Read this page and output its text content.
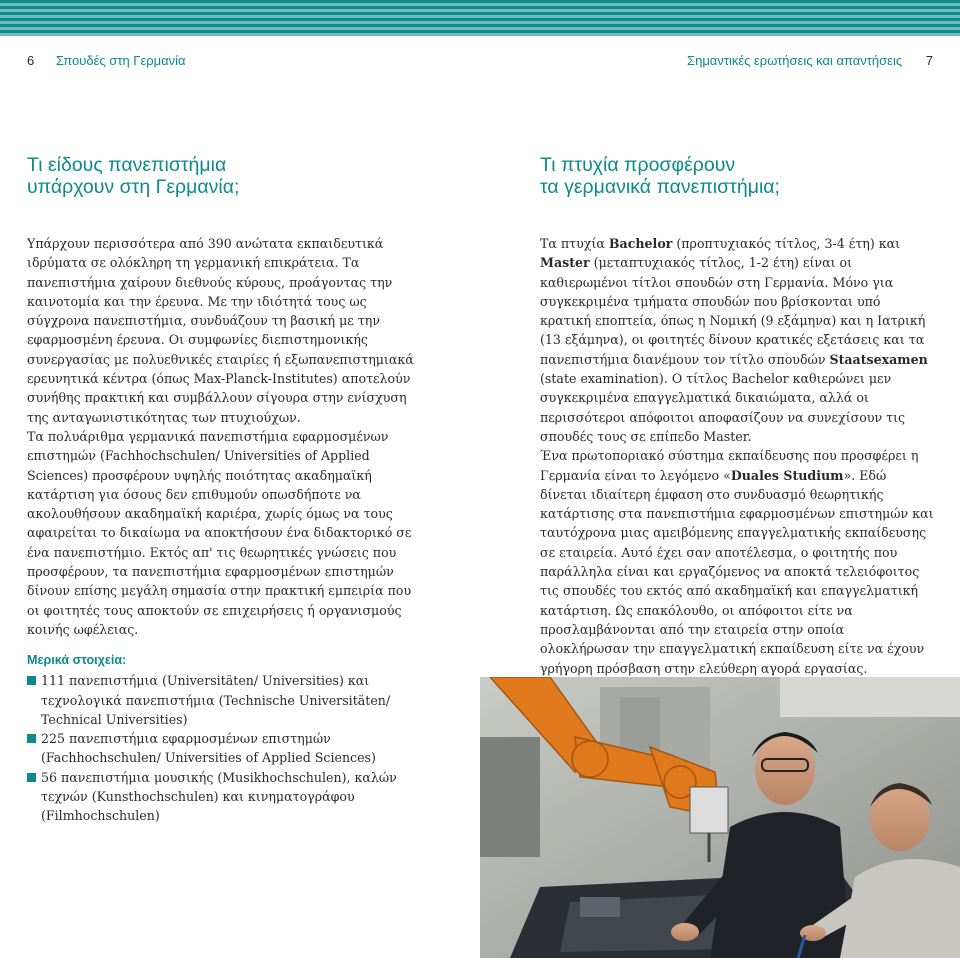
6 Σπουδές στη Γερμανία	Σημαντικές ερωτήσεις και απαντήσεις 7
Τι είδους πανεπιστήμια
υπάρχουν στη Γερμανία;
Τι πτυχία προσφέρουν
τα γερμανικά πανεπιστήμια;

Υπάρχουν περισσότερα από 390 ανώτατα εκπαιδευτικά ιδρύματα σε ολόκληρη τη γερμανική επικράτεια. Τα πανεπιστήμια χαίρουν διεθνούς κύρους, προάγοντας την καινοτομία και την έρευνα. Με την ιδιότητά τους ως σύγχρονα πανεπιστήμια, συνδυάζουν τη βασική με την εφαρμοσμένη έρευνα. Οι συμφωνίες διεπιστημονικής συνεργασίας με πολυεθνικές εταιρίες ή εξωπανεπιστημιακά ερευνητικά κέντρα (όπως Max-Planck-Institutes) αποτελούν συνήθης πρακτική και συμβάλλουν σίγουρα στην ενίσχυση της ανταγωνιστικότητας των πτυχιούχων.

Τα πολυάριθμα γερμανικά πανεπιστήμια εφαρμοσμένων επιστημών (Fachhochschulen/ Universities of Applied Sciences) προσφέρουν υψηλής ποιότητας ακαδημαϊκή κατάρτιση για όσους δεν επιθυμούν οπωσδήποτε να ακολουθήσουν ακαδημαϊκή καριέρα, χωρίς όμως να τους αφαιρείται το δικαίωμα να αποκτήσουν ένα διδακτορικό σε ένα πανεπιστήμιο. Εκτός απ' τις θεωρητικές γνώσεις που προσφέρουν, τα πανεπιστήμια εφαρμοσμένων επιστημών δίνουν επίσης μεγάλη σημασία στην πρακτική εμπειρία που οι φοιτητές τους αποκτούν σε επιχειρήσεις ή οργανισμούς κοινής ωφέλειας.

Μερικά στοιχεία:
111 πανεπιστήμια (Universitäten/ Universities) και τεχνολογικά πανεπιστήμια (Technische Universitäten/ Technical Universities)
225 πανεπιστήμια εφαρμοσμένων επιστημών (Fachhochschulen/ Universities of Applied Sciences)
56 πανεπιστήμια μουσικής (Musikhochschulen), καλών τεχνών (Kunsthochschulen) και κινηματογράφου (Filmhochschulen)

Τα πτυχία Bachelor (προπτυχιακός τίτλος, 3-4 έτη) και Master (μεταπτυχιακός τίτλος, 1-2 έτη) είναι οι καθιερωμένοι τίτλοι σπουδών στη Γερμανία. Μόνο για συγκεκριμένα τμήματα σπουδών που βρίσκονται υπό κρατική εποπτεία, όπως η Νομική (9 εξάμηνα) και η Ιατρική (13 εξάμηνα), οι φοιτητές δίνουν κρατικές εξετάσεις και τα πανεπιστήμια διανέμουν τον τίτλο σπουδών Staatsexamen (state examination). Ο τίτλος Bachelor καθιερώνει μεν συγκεκριμένα επαγγελματικά δικαιώματα, αλλά οι περισσότεροι απόφοιτοι αποφασίζουν να συνεχίσουν τις σπουδές τους σε επίπεδο Master.

Ένα πρωτοποριακό σύστημα εκπαίδευσης που προσφέρει η Γερμανία είναι το λεγόμενο «Duales Studium». Εδώ δίνεται ιδιαίτερη έμφαση στο συνδυασμό θεωρητικής κατάρτισης στα πανεπιστήμια εφαρμοσμένων επιστημών και ταυτόχρονα μιας αμειβόμενης επαγγελματικής εκπαίδευσης σε εταιρεία. Αυτό έχει σαν αποτέλεσμα, ο φοιτητής που παράλληλα είναι και εργαζόμενος να αποκτά τελειόφοιτος τις σπουδές του εκτός από ακαδημαϊκή και επαγγελματική κατάρτιση. Ως επακόλουθο, οι απόφοιτοι είτε να προσλαμβάνονται από την εταιρεία στην οποία ολοκλήρωσαν την επαγγελματική εκπαίδευση είτε να έχουν γρήγορη πρόσβαση στην ελεύθερη αγορά εργασίας.
